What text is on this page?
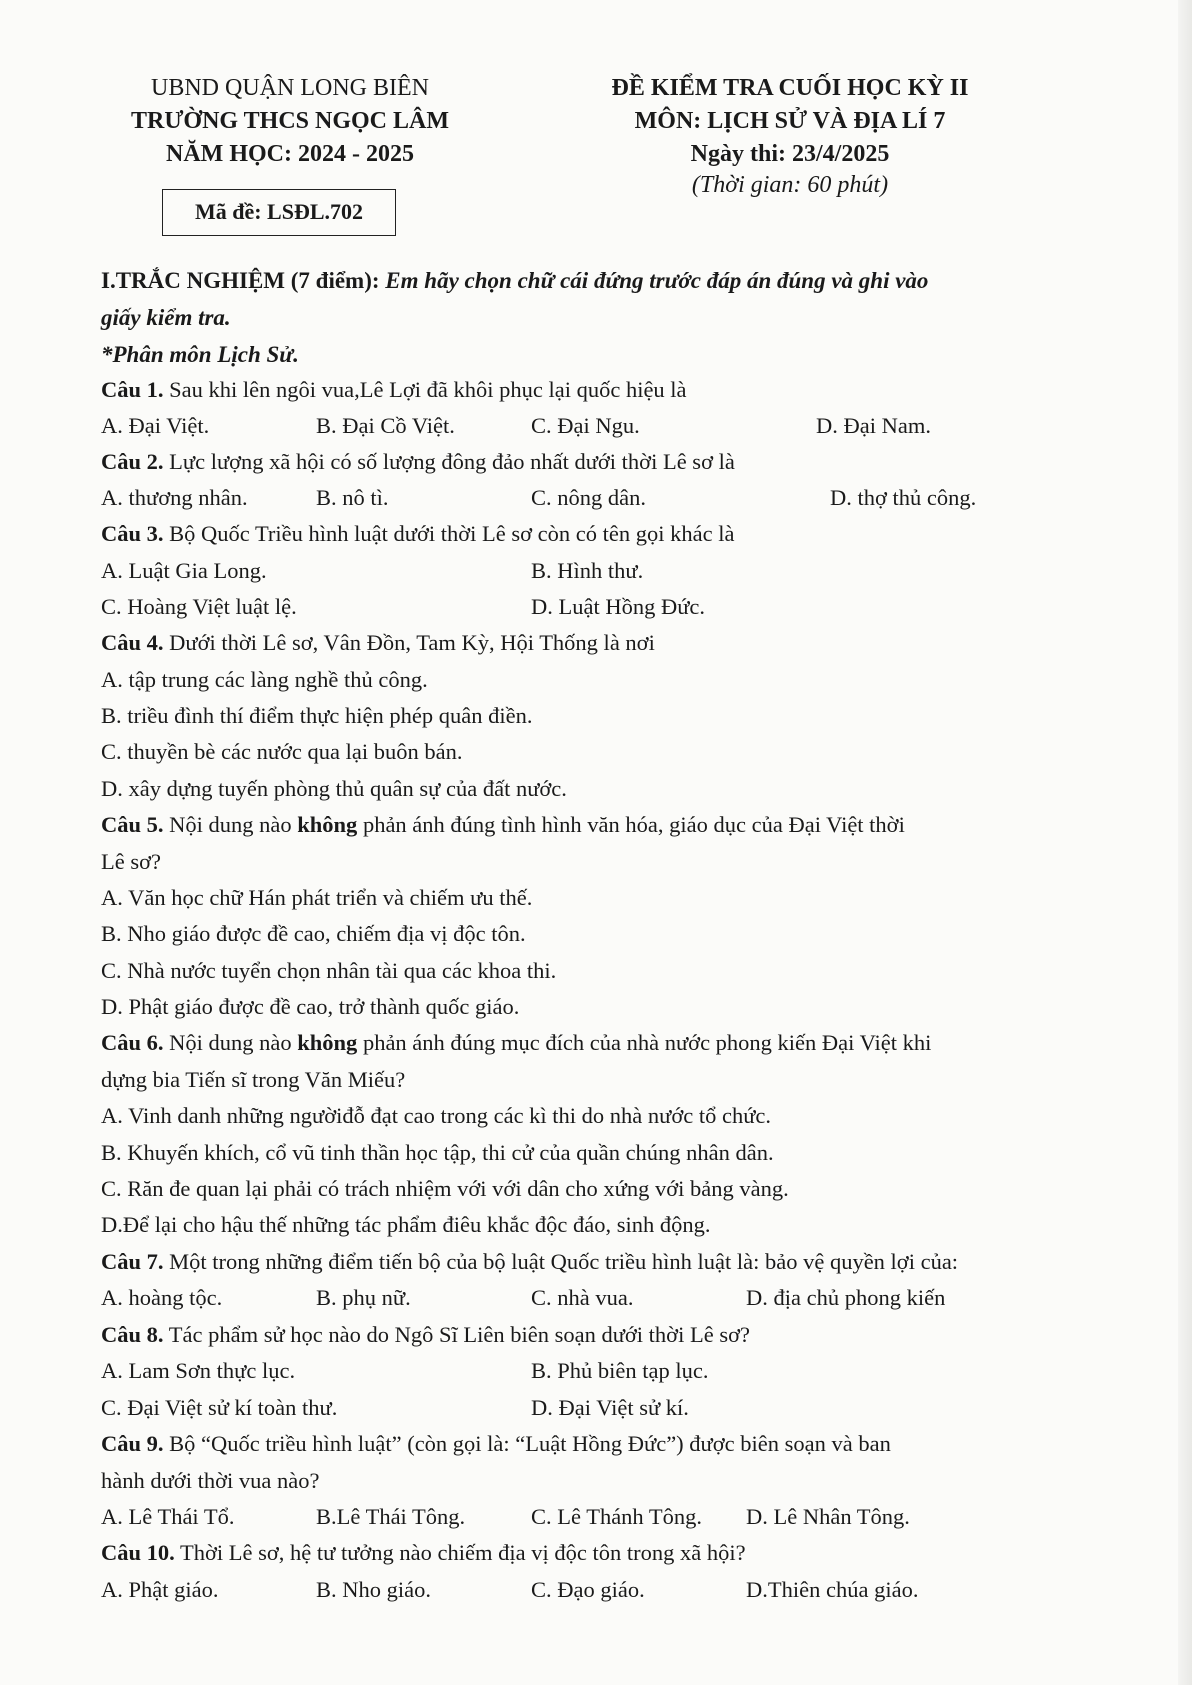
UBND QUẬN LONG BIÊN
TRƯỜNG THCS NGỌC LÂM
NĂM HỌC: 2024 - 2025
Mã đề: LSĐL.702
ĐỀ KIỂM TRA CUỐI HỌC KỲ II
MÔN: LỊCH SỬ VÀ ĐỊA LÍ 7
Ngày thi: 23/4/2025
(Thời gian: 60 phút)
I.TRẮC NGHIỆM (7 điểm): Em hãy chọn chữ cái đứng trước đáp án đúng và ghi vào
giấy kiểm tra.
*Phân môn Lịch Sử.
Câu 1. Sau khi lên ngôi vua,Lê Lợi đã khôi phục lại quốc hiệu là
A. Đại Việt.	B. Đại Cồ Việt.	C. Đại Ngu.	D. Đại Nam.
Câu 2. Lực lượng xã hội có số lượng đông đảo nhất dưới thời Lê sơ là
A. thương nhân.	B. nô tì.	C. nông dân.	D. thợ thủ công.
Câu 3. Bộ Quốc Triều hình luật dưới thời Lê sơ còn có tên gọi khác là
A. Luật Gia Long.	B. Hình thư.
C. Hoàng Việt luật lệ.	D. Luật Hồng Đức.
Câu 4. Dưới thời Lê sơ, Vân Đồn, Tam Kỳ, Hội Thống là nơi
A. tập trung các làng nghề thủ công.
B. triều đình thí điểm thực hiện phép quân điền.
C. thuyền bè các nước qua lại buôn bán.
D. xây dựng tuyến phòng thủ quân sự của đất nước.
Câu 5. Nội dung nào không phản ánh đúng tình hình văn hóa, giáo dục của Đại Việt thời
Lê sơ?
A. Văn học chữ Hán phát triển và chiếm ưu thế.
B. Nho giáo được đề cao, chiếm địa vị độc tôn.
C. Nhà nước tuyển chọn nhân tài qua các khoa thi.
D. Phật giáo được đề cao, trở thành quốc giáo.
Câu 6. Nội dung nào không phản ánh đúng mục đích của nhà nước phong kiến Đại Việt khi
dựng bia Tiến sĩ trong Văn Miếu?
A. Vinh danh những ngườiđỗ đạt cao trong các kì thi do nhà nước tổ chức.
B. Khuyến khích, cổ vũ tinh thần học tập, thi cử của quần chúng nhân dân.
C. Răn đe quan lại phải có trách nhiệm với với dân cho xứng với bảng vàng.
D.Để lại cho hậu thế những tác phẩm điêu khắc độc đáo, sinh động.
Câu 7. Một trong những điểm tiến bộ của bộ luật Quốc triều hình luật là: bảo vệ quyền lợi của:
A. hoàng tộc.	B. phụ nữ.	C. nhà vua.	D. địa chủ phong kiến
Câu 8. Tác phẩm sử học nào do Ngô Sĩ Liên biên soạn dưới thời Lê sơ?
A. Lam Sơn thực lục.	B. Phủ biên tạp lục.
C. Đại Việt sử kí toàn thư.	D. Đại Việt sử kí.
Câu 9. Bộ “Quốc triều hình luật” (còn gọi là: “Luật Hồng Đức”) được biên soạn và ban
hành dưới thời vua nào?
A. Lê Thái Tổ.	B.Lê Thái Tông.	C. Lê Thánh Tông. D. Lê Nhân Tông.
Câu 10. Thời Lê sơ, hệ tư tưởng nào chiếm địa vị độc tôn trong xã hội?
A. Phật giáo.	B. Nho giáo.	C. Đạo giáo.	D.Thiên chúa giáo.
